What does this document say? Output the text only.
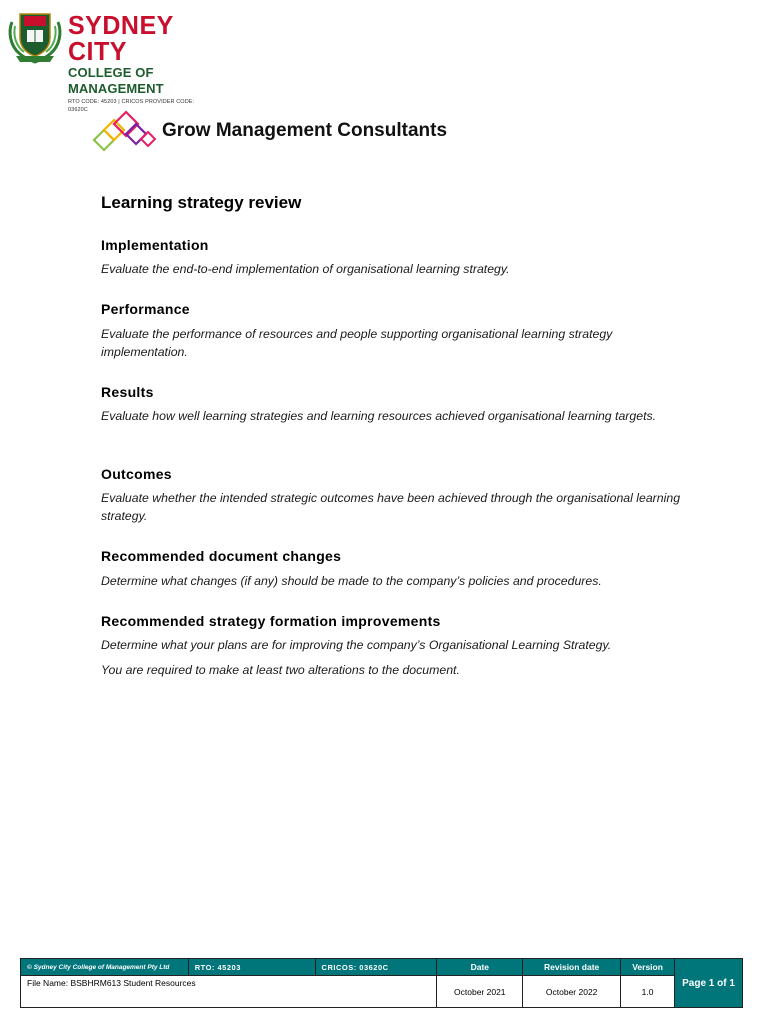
SYDNEY CITY
COLLEGE OF MANAGEMENT
RTO CODE: 45203 | CRICOS PROVIDER CODE: 03620C
Grow Management Consultants
Learning strategy review
Implementation

Evaluate the end-to-end implementation of organisational learning strategy.

Performance

Evaluate the performance of resources and people supporting organisational learning strategy implementation.

Results

Evaluate how well learning strategies and learning resources achieved organisational learning targets.

Outcomes

Evaluate whether the intended strategic outcomes have been achieved through the organisational learning strategy.

Recommended document changes

Determine what changes (if any) should be made to the company’s policies and procedures.

Recommended strategy formation improvements

Determine what your plans are for improving the company’s Organisational Learning Strategy.

You are required to make at least two alterations to the document.

© Sydney City College of Management Pty Ltd	RTO: 45203	CRICOS: 03620C	Date	Revision date	Version	Page 1 of 1
File Name: BSBHRM613 Student Resources			October 2021	October 2022	1.0	
